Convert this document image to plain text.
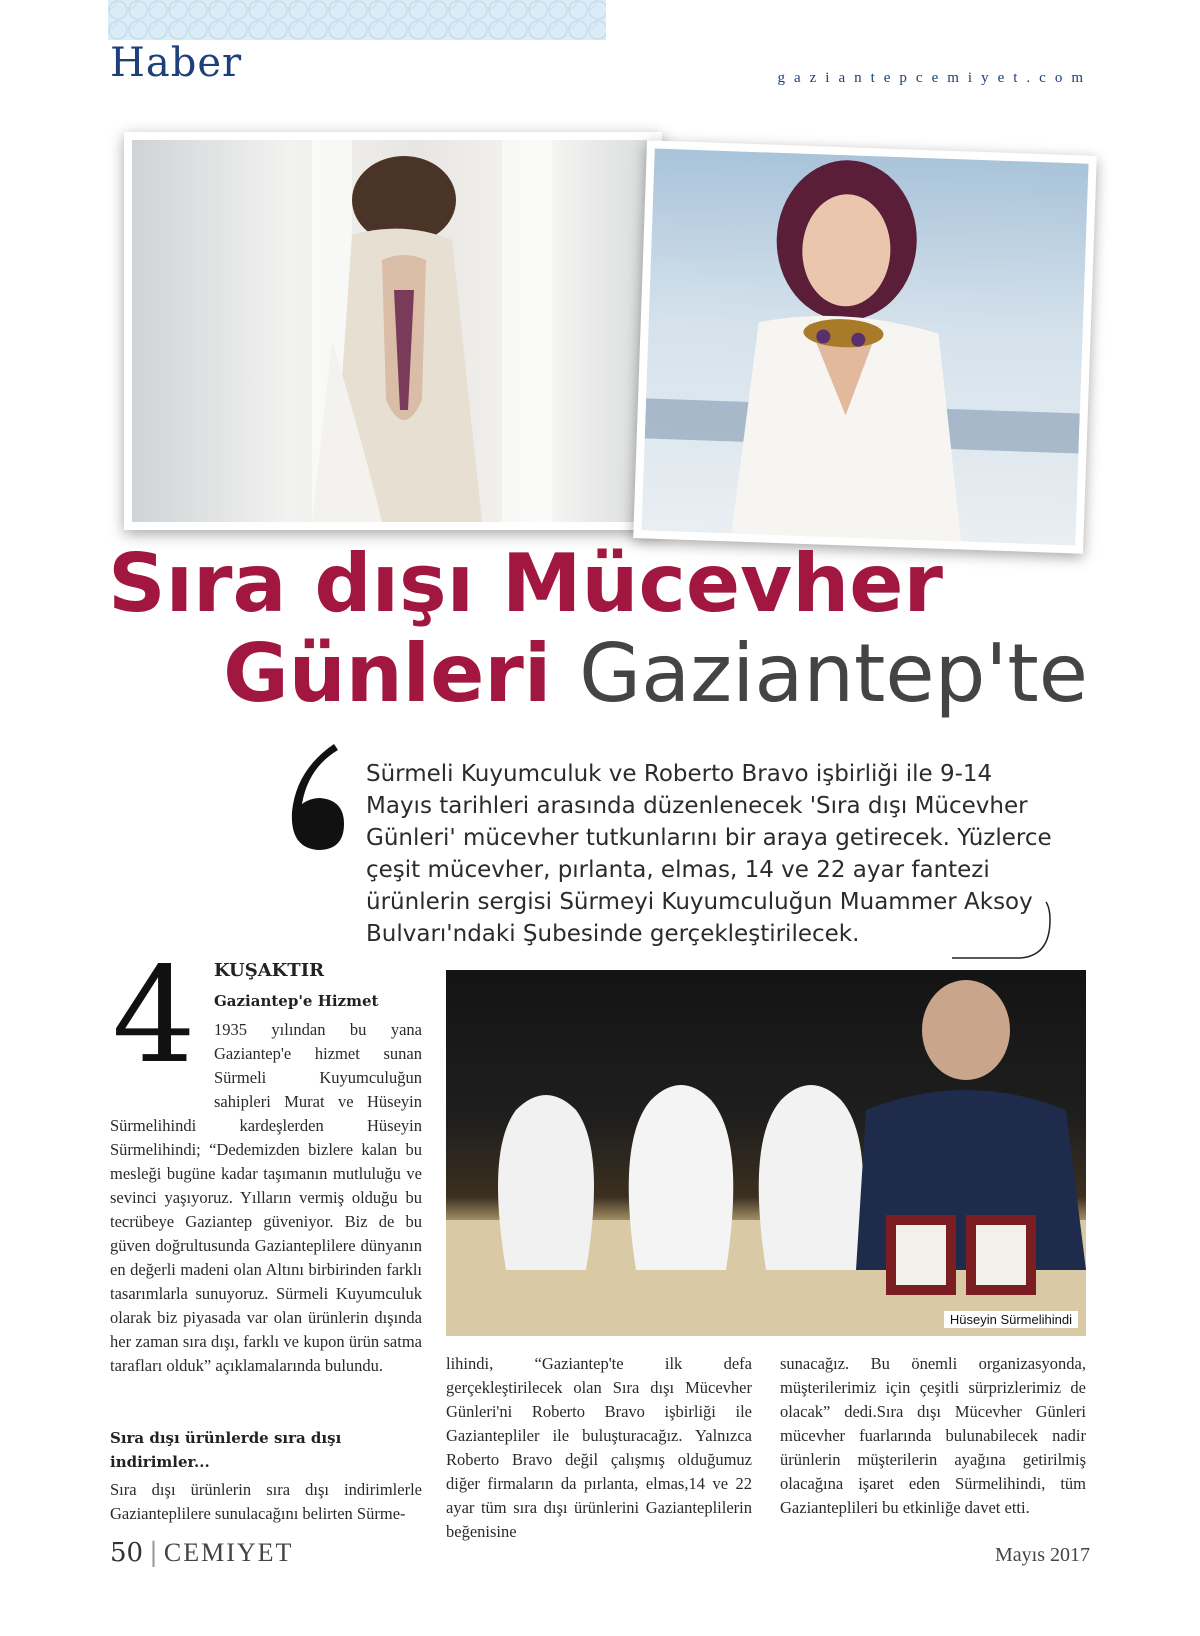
Haber	gaziantepcemiyet.com
Sıra dışı Mücevher
Günleri Gaziantep'te

Sürmeli Kuyumculuk ve Roberto Bravo işbirliği ile 9-14 Mayıs tarihleri arasında düzenlenecek 'Sıra dışı Mücevher Günleri' mücevher tutkunlarını bir araya getirecek. Yüzlerce çeşit mücevher, pırlanta, elmas, 14 ve 22 ayar fantezi ürünlerin sergisi Sürmeyi Kuyumculuğun Muammer Aksoy Bulvarı'ndaki Şubesinde gerçekleştirilecek.

4 KUŞAKTIR
Gaziantep'e Hizmet

1935 yılından bu yana Gaziantep'e hizmet sunan Sürmeli Kuyumculuğun sahipleri Murat ve Hüseyin Sürmelihindi kardeşlerden Hüseyin Sürmelihindi; “Dedemizden bizlere kalan bu mesleği bugüne kadar taşımanın mutluluğu ve sevinci yaşıyoruz. Yılların vermiş olduğu bu tecrübeye Gaziantep güveniyor. Biz de bu güven doğrultusunda Gazianteplilere dünyanın en değerli madeni olan Altını birbirinden farklı tasarımlarla sunuyoruz. Sürmeli Kuyumculuk olarak biz piyasada var olan ürünlerin dışında her zaman sıra dışı, farklı ve kupon ürün satma tarafları olduk” açıklamalarında bulundu.

Sıra dışı ürünlerde sıra dışı indirimler...

Sıra dışı ürünlerin sıra dışı indirimlerle Gazianteplilere sunulacağını belirten Sürme-

Hüseyin Sürmelihindi

lihindi, “Gaziantep'te ilk defa gerçekleştirilecek olan Sıra dışı Mücevher Günleri'ni Roberto Bravo işbirliği ile Gaziantepliler ile buluşturacağız. Yalnızca Roberto Bravo değil çalışmış olduğumuz diğer firmaların da pırlanta, elmas,14 ve 22 ayar tüm sıra dışı ürünlerini Gazianteplilerin beğenisine

sunacağız. Bu önemli organizasyonda, müşterilerimiz için çeşitli sürprizlerimiz de olacak” dedi.Sıra dışı Mücevher Günleri mücevher fuarlarında bulunabilecek nadir ürünlerin müşterilerin ayağına getirilmiş olacağına işaret eden Sürmelihindi, tüm Gazianteplileri bu etkinliğe davet etti.

50 | CEMIYET	Mayıs 2017
